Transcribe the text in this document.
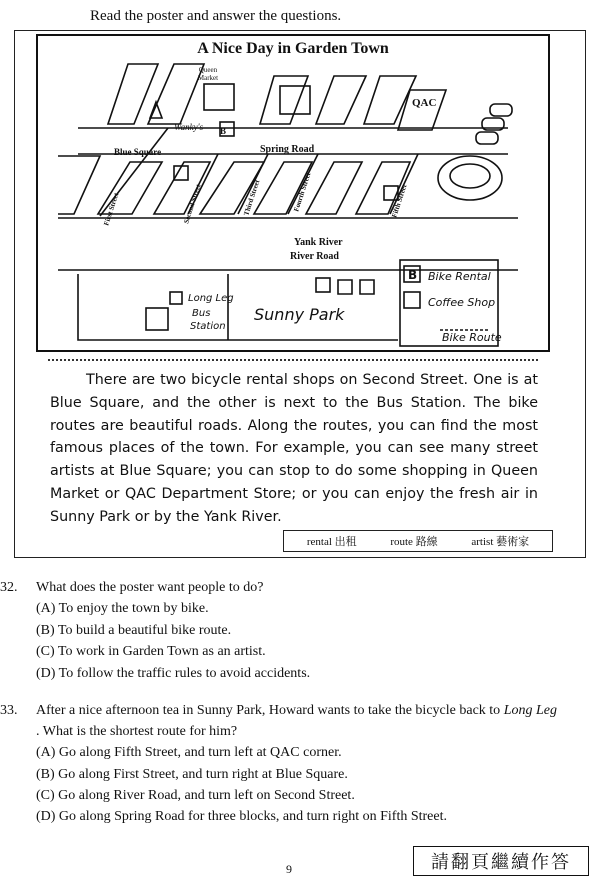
Read the poster and answer the questions.
A Nice Day in Garden Town
Queen
Market
Wanky's B
Blue Square	Spring Road
QAC
Yank River
River Road
Long Leg
Bus
Station
Sunny Park
First Street	Second Street	Third Street	Fourth Street	Fifth Street
B Bike Rental
Coffee Shop
Bike Route

There are two bicycle rental shops on Second Street. One is at Blue Square, and the other is next to the Bus Station. The bike routes are beautiful roads. Along the routes, you can find the most famous places of the town. For example, you can see many street artists at Blue Square; you can stop to do some shopping in Queen Market or QAC Department Store; or you can enjoy the fresh air in Sunny Park or by the Yank River.

rental 出租	route 路線	artist 藝術家
32. What does the poster want people to do?
(A) To enjoy the town by bike.
(B) To build a beautiful bike route.
(C) To work in Garden Town as an artist.
(D) To follow the traffic rules to avoid accidents.
33. After a nice afternoon tea in Sunny Park, Howard wants to take the bicycle back to Long Leg
. What is the shortest route for him?
(A) Go along Fifth Street, and turn left at QAC corner.
(B) Go along First Street, and turn right at Blue Square.
(C) Go along River Road, and turn left on Second Street.
(D) Go along Spring Road for three blocks, and turn right on Fifth Street.
9	請翻頁繼續作答
